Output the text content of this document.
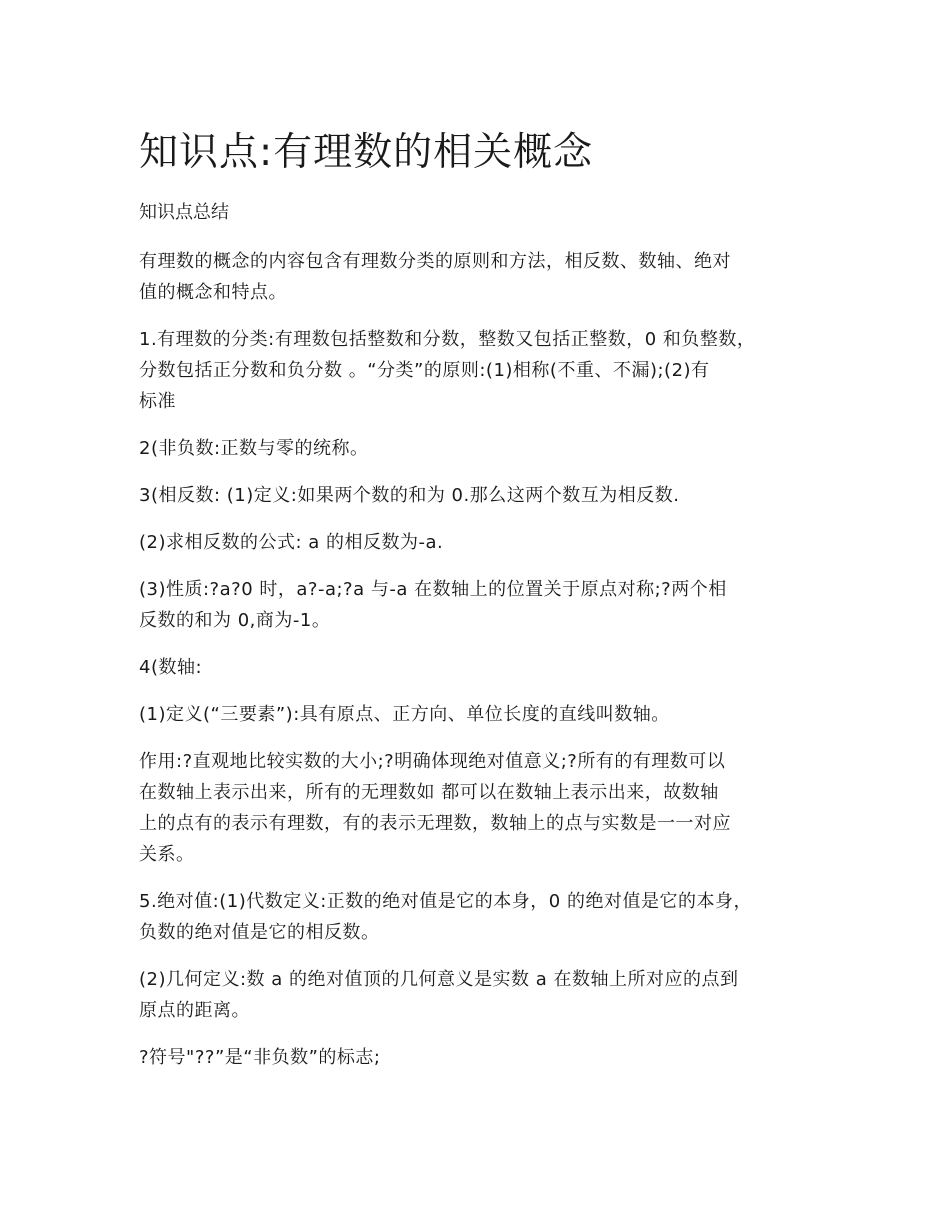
知识点:有理数的相关概念
知识点总结
有理数的概念的内容包含有理数分类的原则和方法，相反数、数轴、绝对
值的概念和特点。
1.有理数的分类:有理数包括整数和分数，整数又包括正整数，0 和负整数，
分数包括正分数和负分数 。“分类”的原则:(1)相称(不重、不漏);(2)有
标准
2(非负数:正数与零的统称。
3(相反数: (1)定义:如果两个数的和为 0.那么这两个数互为相反数.
(2)求相反数的公式: a 的相反数为-a.
(3)性质:?a?0 时，a?-a;?a 与-a 在数轴上的位置关于原点对称;?两个相
反数的和为 0,商为-1。
4(数轴:
(1)定义(“三要素”):具有原点、正方向、单位长度的直线叫数轴。
作用:?直观地比较实数的大小;?明确体现绝对值意义;?所有的有理数可以
在数轴上表示出来，所有的无理数如 都可以在数轴上表示出来，故数轴
上的点有的表示有理数，有的表示无理数，数轴上的点与实数是一一对应
关系。
5.绝对值:(1)代数定义:正数的绝对值是它的本身，0 的绝对值是它的本身，
负数的绝对值是它的相反数。
(2)几何定义:数 a 的绝对值顶的几何意义是实数 a 在数轴上所对应的点到
原点的距离。
?符号"??”是“非负数”的标志;
